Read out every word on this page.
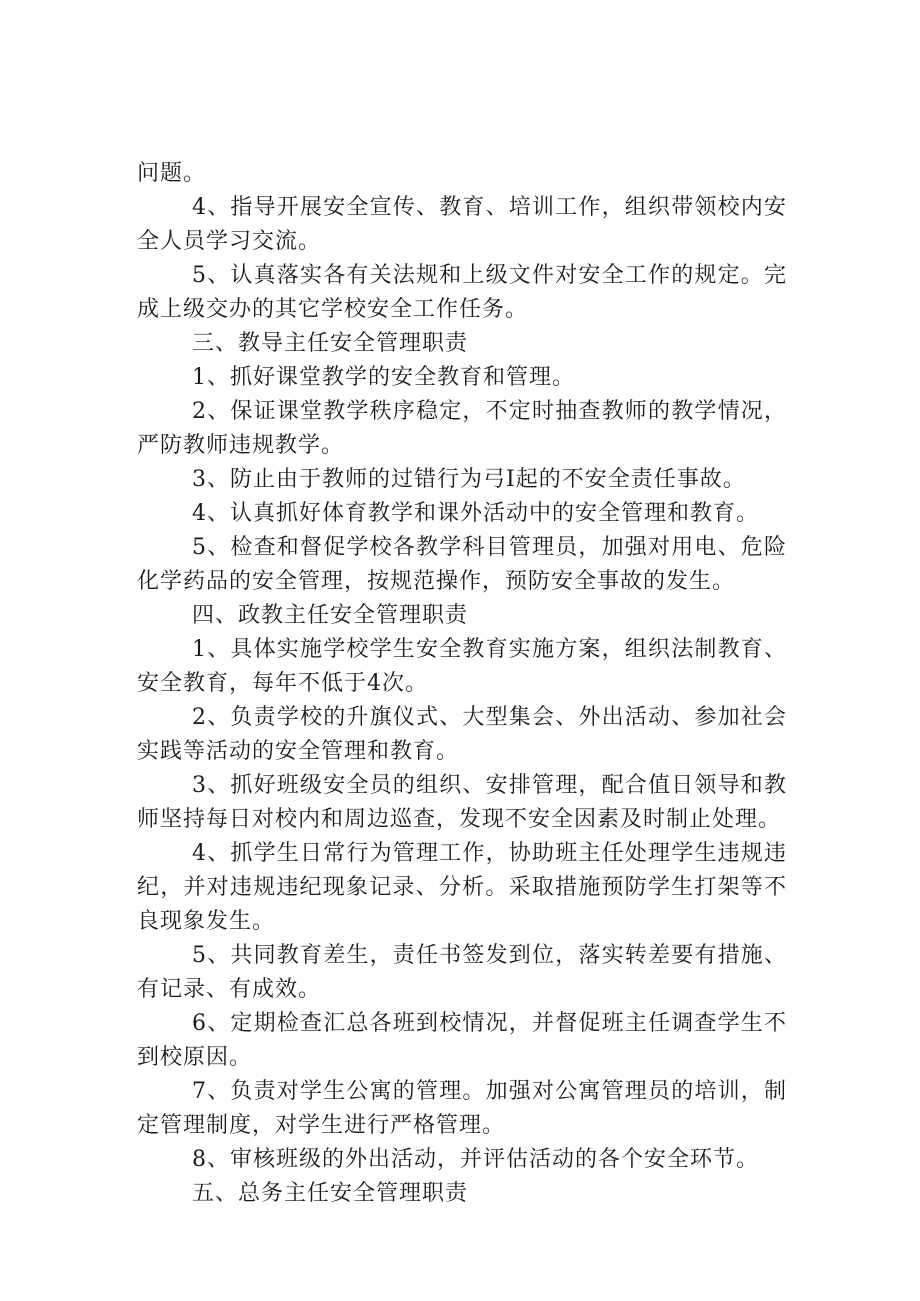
问题。

4、指导开展安全宣传、教育、培训工作，组织带领校内安全人员学习交流。

5、认真落实各有关法规和上级文件对安全工作的规定。完成上级交办的其它学校安全工作任务。

三、教导主任安全管理职责

1、抓好课堂教学的安全教育和管理。

2、保证课堂教学秩序稳定，不定时抽查教师的教学情况，严防教师违规教学。

3、防止由于教师的过错行为弓I起的不安全责任事故。

4、认真抓好体育教学和课外活动中的安全管理和教育。

5、检查和督促学校各教学科目管理员，加强对用电、危险化学药品的安全管理，按规范操作，预防安全事故的发生。

四、政教主任安全管理职责

1、具体实施学校学生安全教育实施方案，组织法制教育、安全教育，每年不低于4次。

2、负责学校的升旗仪式、大型集会、外出活动、参加社会实践等活动的安全管理和教育。

3、抓好班级安全员的组织、安排管理，配合值日领导和教师坚持每日对校内和周边巡查，发现不安全因素及时制止处理。

4、抓学生日常行为管理工作，协助班主任处理学生违规违纪，并对违规违纪现象记录、分析。采取措施预防学生打架等不良现象发生。

5、共同教育差生，责任书签发到位，落实转差要有措施、有记录、有成效。

6、定期检查汇总各班到校情况，并督促班主任调查学生不到校原因。

7、负责对学生公寓的管理。加强对公寓管理员的培训，制定管理制度，对学生进行严格管理。

8、审核班级的外出活动，并评估活动的各个安全环节。

五、总务主任安全管理职责
